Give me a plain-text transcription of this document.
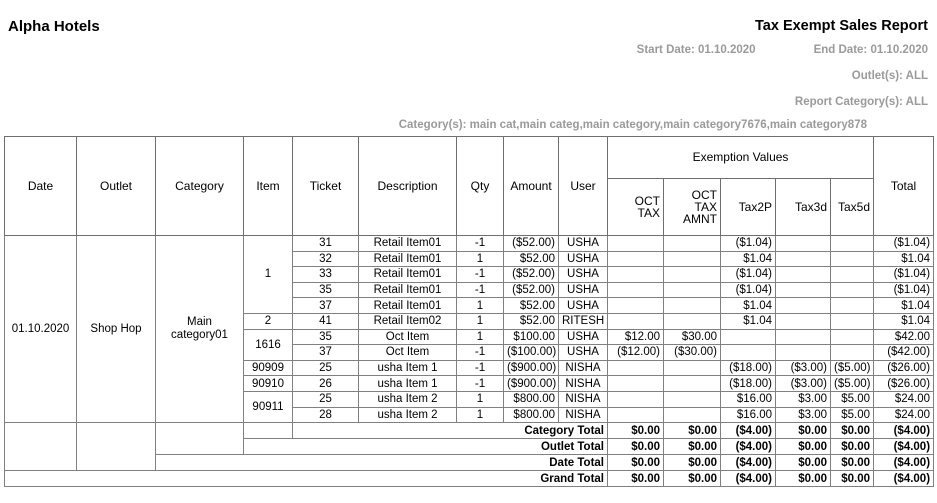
Alpha Hotels	Tax Exempt Sales Report
Start Date: 01.10.2020	End Date: 01.10.2020
Outlet(s): ALL
Report Category(s): ALL
Category(s): main cat,main categ,main category,main category7676,main category878
Date	Outlet	Category	Item	Ticket	Description	Qty	Amount	User	Exemption Values					Total

									OCT TAX	OCT TAX AMNT	Tax2P	Tax3d	Tax5d	

01.10.2020	Shop Hop	Main category01	1	31	Retail Item01	-1	($52.00)	USHA			($1.04)			($1.04)
				32	Retail Item01	1	$52.00	USHA			$1.04			$1.04
				33	Retail Item01	-1	($52.00)	USHA			($1.04)			($1.04)
				35	Retail Item01	-1	($52.00)	USHA			($1.04)			($1.04)
				37	Retail Item01	1	$52.00	USHA			$1.04			$1.04
			2	41	Retail Item02	1	$52.00	RITESH			$1.04			$1.04
			1616	35	Oct Item	1	$100.00	USHA	$12.00	$30.00				$42.00
				37	Oct Item	-1	($100.00)	USHA	($12.00)	($30.00)				($42.00)
			90909	25	usha Item 1	-1	($900.00)	NISHA			($18.00)	($3.00)	($5.00)	($26.00)
			90910	26	usha Item 1	-1	($900.00)	NISHA			($18.00)	($3.00)	($5.00)	($26.00)
			90911	25	usha Item 2	1	$800.00	NISHA			$16.00	$3.00	$5.00	$24.00
				28	usha Item 2	1	$800.00	NISHA			$16.00	$3.00	$5.00	$24.00
				Category Total					$0.00	$0.00	($4.00)	$0.00	$0.00	($4.00)
			Outlet Total						$0.00	$0.00	($4.00)	$0.00	$0.00	($4.00)
		Date Total							$0.00	$0.00	($4.00)	$0.00	$0.00	($4.00)
Grand Total									$0.00	$0.00	($4.00)	$0.00	$0.00	($4.00)
